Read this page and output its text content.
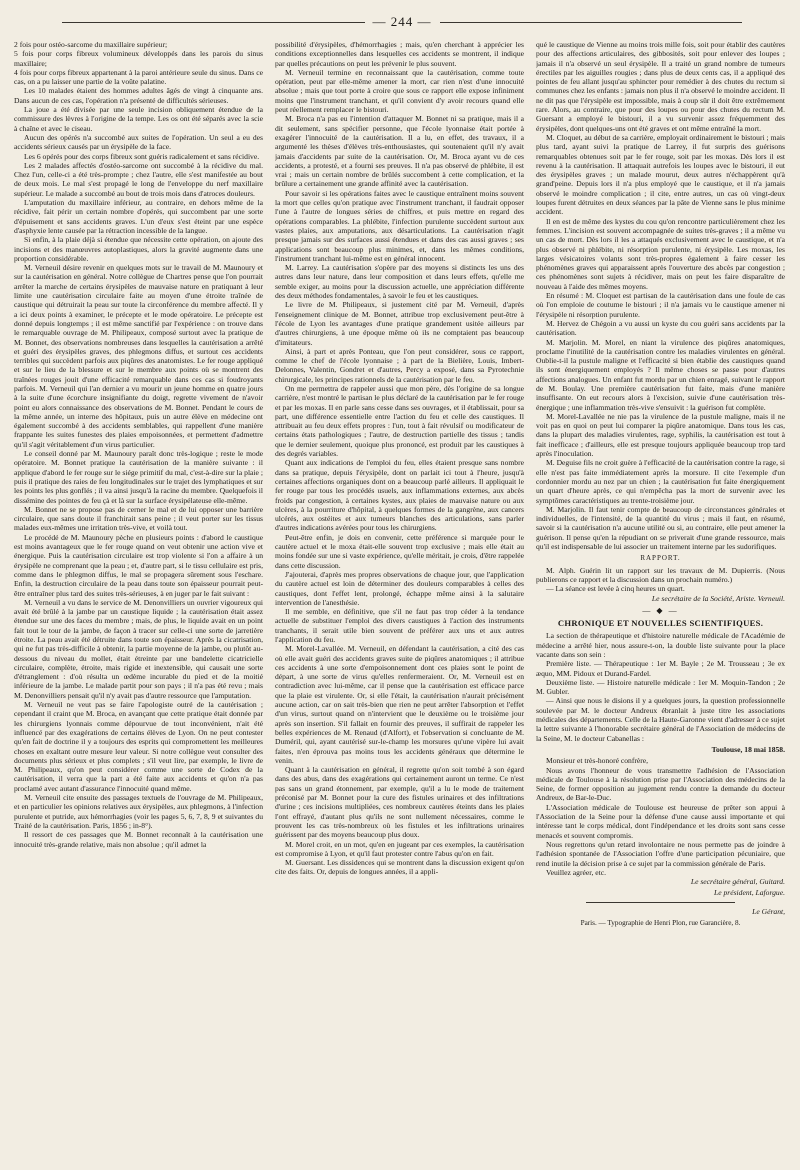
— 244 —

2 fois pour ostéo-sarcome du maxillaire supérieur;

5 fois pour corps fibreux volumineux développés dans les parois du sinus maxillaire;

4 fois pour corps fibreux appartenant à la paroi antérieure seule du sinus. Dans ce cas, on a pu laisser une partie de la voûte palatine.

Les 10 malades étaient des hommes adultes âgés de vingt à cinquante ans. Dans aucun de ces cas, l'opération n'a présenté de difficultés sérieuses.

La joue a été divisée par une seule incision obliquement étendue de la commissure des lèvres à l'origine de la tempe. Les os ont été séparés avec la scie à chaîne et avec le ciseau.

Aucun des opérés n'a succombé aux suites de l'opération. Un seul a eu des accidents sérieux causés par un érysipèle de la face.

Les 6 opérés pour des corps fibreux sont guéris radicalement et sans récidive.

Les 2 malades affectés d'ostéo-sarcome ont succombé à la récidive du mal. Chez l'un, celle-ci a été très-prompte ; chez l'autre, elle s'est manifestée au bout de deux mois. Le mal s'est propagé le long de l'enveloppe du nerf maxillaire supérieur. Le malade a succombé au bout de trois mois dans d'atroces douleurs.

L'amputation du maxillaire inférieur, au contraire, en dehors même de la récidive, fait périr un certain nombre d'opérés, qui succombent par une sorte d'épuisement et sans accidents graves. L'un d'eux s'est éteint par une espèce d'asphyxie lente causée par la rétraction incessible de la langue.

Si enfin, à la plaie déjà si étendue que nécessite cette opération, on ajoute des incisions et des manœuvres autoplastiques, alors la gravité augmente dans une proportion considérable.

M. Verneuil désire revenir en quelques mots sur le travail de M. Maunoury et sur la cautérisation en général. Notre collègue de Chartres pense que l'on pourrait arrêter la marche de certains érysipèles de mauvaise nature en pratiquant à leur limite une cautérisation circulaire faite au moyen d'une étroite traînée de caustique qui détruirait la peau sur toute la circonférence du membre affecté. Il y a ici deux points à examiner, le précepte et le mode opératoire. Le précepte est donné depuis longtemps ; il est même sanctifié par l'expérience : on trouve dans le remarquable ouvrage de M. Philipeaux, composé surtout avec la pratique de M. Bonnet, des observations nombreuses dans lesquelles la cautérisation a arrêté et guéri des érysipèles graves, des phlegmons diffus, et surtout ces accidents terribles qui succèdent parfois aux piqûres des anatomistes. Le fer rouge appliqué et sur le lieu de la blessure et sur le membre aux points où se montrent des traînées rouges jouit d'une efficacité remarquable dans ces cas si foudroyants parfois. M. Verneuil qui l'an dernier a vu mourir un jeune homme en quatre jours à la suite d'une écorchure insignifiante du doigt, regrette vivement de n'avoir point eu alors connaissance des observations de M. Bonnet. Pendant le cours de la même année, un interne des hôpitaux, puis un autre élève en médecine ont également succombé à des accidents semblables, qui rappellent d'une manière frappante les suites funestes des plaies empoisonnées, et permettent d'admettre qu'il s'agit véritablement d'un virus particulier.

Le conseil donné par M. Maunoury paraît donc très-logique ; reste le mode opératoire. M. Bonnet pratique la cautérisation de la manière suivante : il applique d'abord le fer rouge sur le siége primitif du mal, c'est-à-dire sur la plaie ; puis il pratique des raies de feu longitudinales sur le trajet des lymphatiques et sur les points les plus gonflés ; il va ainsi jusqu'à la racine du membre. Quelquefois il dissémine des pointes de feu çà et là sur la surface érysipélateuse elle-même.

M. Bonnet ne se propose pas de cerner le mal et de lui opposer une barrière circulaire, que sans doute il franchirait sans peine ; il veut porter sur les tissus malades eux-mêmes une irritation très-vive, et voilà tout.

Le procédé de M. Maunoury pèche en plusieurs points : d'abord le caustique est moins avantageux que le fer rouge quand on veut obtenir une action vive et énergique. Puis la cautérisation circulaire est trop violente si l'on a affaire à un érysipèle ne comprenant que la peau ; et, d'autre part, si le tissu cellulaire est pris, comme dans le phlegmon diffus, le mal se propagera sûrement sous l'eschare. Enfin, la destruction circulaire de la peau dans toute son épaisseur pourrait peut-être entraîner plus tard des suites très-sérieuses, à en juger par le fait suivant :

M. Verneuil a vu dans le service de M. Denonvilliers un ouvrier vigoureux qui avait été brûlé à la jambe par un caustique liquide ; la cautérisation était assez étendue sur une des faces du membre ; mais, de plus, le liquide avait en un point fait tout le tour de la jambe, de façon à tracer sur celle-ci une sorte de jarretière étroite. La peau avait été détruite dans toute son épaisseur. Après la cicatrisation, qui ne fut pas très-difficile à obtenir, la partie moyenne de la jambe, ou plutôt au-dessous du niveau du mollet, était étreinte par une bandelette cicatricielle circulaire, complète, étroite, mais rigide et inextensible, qui causait une sorte d'étranglement : d'où résulta un œdème incurable du pied et de la moitié inférieure de la jambe. Le malade partit pour son pays ; il n'a pas été revu ; mais M. Denonvilliers pensait qu'il n'y avait pas d'autre ressource que l'amputation.

M. Verneuil ne veut pas se faire l'apologiste outré de la cautérisation ; cependant il craint que M. Broca, en avançant que cette pratique était donnée par les chirurgiens lyonnais comme dépourvue de tout inconvénient, n'ait été influencé par des exagérations de certains élèves de Lyon. On ne peut contester qu'en fait de doctrine il y a toujours des esprits qui compromettent les meilleures choses en exaltant outre mesure leur valeur. Si notre collègue veut consulter des documents plus sérieux et plus complets ; s'il veut lire, par exemple, le livre de M. Philipeaux, qu'on peut considérer comme une sorte de Codex de la cautérisation, il verra que la part a été faite aux accidents et qu'on n'a pas proclamé avec autant d'assurance l'innocuité quand même.

M. Verneuil cite ensuite des passages textuels de l'ouvrage de M. Philipeaux, et en particulier les opinions relatives aux érysipèles, aux phlegmons, à l'infection purulente et putride, aux hémorrhagies (voir les pages 5, 6, 7, 8, 9 et suivantes du Traité de la cautérisation. Paris, 1856 ; in-8°).

Il ressort de ces passages que M. Bonnet reconnaît à la cautérisation une innocuité très-grande relative, mais non absolue ; qu'il admet la

possibilité d'érysipèles, d'hémorrhagies ; mais, qu'en cherchant à apprécier les conditions exceptionnelles dans lesquelles ces accidents se montrent, il indique par quelles précautions on peut les prévenir le plus souvent.

M. Verneuil termine en reconnaissant que la cautérisation, comme toute opération, peut par elle-même amener la mort, car rien n'est d'une innocuité absolue ; mais que tout porte à croire que sous ce rapport elle expose infiniment moins que l'instrument tranchant, et qu'il convient d'y avoir recours quand elle peut réellement remplacer le bistouri.

M. Broca n'a pas eu l'intention d'attaquer M. Bonnet ni sa pratique, mais il a dit seulement, sans spécifier personne, que l'école lyonnaise était portée à exagérer l'innocuité de la cautérisation. Il a lu, en effet, des travaux, il a argumenté les thèses d'élèves très-enthousiastes, qui soutenaient qu'il n'y avait jamais d'accidents par suite de la cautérisation. Or, M. Broca ayant vu de ces accidents, a protesté, et a fourni ses preuves. Il n'a pas observé de phlébite, il est vrai ; mais un certain nombre de brûlés succombent à cette complication, et la brûlure a certainement une grande affinité avec la cautérisation.

Pour savoir si les opérations faites avec le caustique entraînent moins souvent la mort que celles qu'on pratique avec l'instrument tranchant, il faudrait opposer l'une à l'autre de longues séries de chiffres, et puis mettre en regard des opérations comparables. La phlébite, l'infection purulente succèdent surtout aux vastes plaies, aux amputations, aux désarticulations. La cautérisation n'agit presque jamais sur des surfaces aussi étendues et dans des cas aussi graves ; ses applications sont beaucoup plus minimes, et, dans les mêmes conditions, l'instrument tranchant lui-même est en général innocent.

M. Larrey. La cautérisation s'opère par des moyens si distincts les uns des autres dans leur nature, dans leur composition et dans leurs effets, qu'elle me semble exiger, au moins pour la discussion actuelle, une appréciation différente des deux méthodes fondamentales, à savoir le feu et les caustiques.

Le livre de M. Philipeaux, si justement cité par M. Verneuil, d'après l'enseignement clinique de M. Bonnet, attribue trop exclusivement peut-être à l'école de Lyon les avantages d'une pratique grandement usitée ailleurs par d'autres chirurgiens, à une époque même où ils ne comptaient pas beaucoup d'imitateurs.

Ainsi, à part et après Ponteau, que l'on peut considérer, sous ce rapport, comme le chef de l'école lyonnaise ; à part de la Bielière, Louis, Imbert-Delonnes, Valentin, Gondret et d'autres, Percy a exposé, dans sa Pyrotechnie chirurgicale, les principes rationnels de la cautérisation par le feu.

On me permettra de rappeler aussi que mon père, dès l'origine de sa longue carrière, n'est montré le partisan le plus déclaré de la cautérisation par le fer rouge et par les moxas. Il en parle sans cesse dans ses ouvrages, et il établissait, pour sa part, une différence essentielle entre l'action du feu et celle des caustiques. Il attribuait au feu deux effets propres : l'un, tout à fait révulsif ou modificateur de certains états pathologiques ; l'autre, de destruction partielle des tissus ; tandis que le dernier seulement, quoique plus prononcé, est produit par les caustiques à des degrés variables.

Quant aux indications de l'emploi du feu, elles étaient presque sans nombre dans sa pratique, depuis l'érysipèle, dont on parlait ici tout à l'heure, jusqu'à certaines affections organiques dont on a beaucoup parlé ailleurs. Il appliquait le fer rouge par tous les procédés usuels, aux inflammations externes, aux abcès froids par congestion, à certaines kystes, aux plaies de mauvaise nature ou aux ulcères, à la pourriture d'hôpital, à quelques formes de la gangrène, aux cancers ulcérés, aux ostéites et aux tumeurs blanches des articulations, sans parler d'autres indications avérées pour tous les chirurgiens.

Peut-être enfin, je dois en convenir, cette préférence si marquée pour le cautère actuel et le moxa était-elle souvent trop exclusive ; mais elle était au moins fondée sur une si vaste expérience, qu'elle méritait, je crois, d'être rappelée dans cette discussion.

J'ajouterai, d'après mes propres observations de chaque jour, que l'application du cautère actuel est loin de déterminer des douleurs comparables à celles des caustiques, dont l'effet lent, prolongé, échappe même ainsi à la salutaire intervention de l'anesthésie.

Il me semble, en définitive, que s'il ne faut pas trop céder à la tendance actuelle de substituer l'emploi des divers caustiques à l'action des instruments tranchants, il serait utile bien souvent de préférer aux uns et aux autres l'application du feu.

M. Morel-Lavallée. M. Verneuil, en défendant la cautérisation, a cité des cas où elle avait guéri des accidents graves suite de piqûres anatomiques ; il attribue ces accidents à une sorte d'empoisonnement dont ces plaies sont le point de départ, à une sorte de virus qu'elles renfermeraient. Or, M. Verneuil est en contradiction avec lui-même, car il pense que la cautérisation est efficace parce que la plaie est virulente. Or, si elle l'était, la cautérisation n'aurait précisément aucune action, car on sait très-bien que rien ne peut arrêter l'absorption et l'effet d'un virus, surtout quand on n'intervient que le deuxième ou le troisième jour après son insertion. S'il fallait en fournir des preuves, il suffirait de rappeler les belles expériences de M. Renaud (d'Alfort), et l'observation si concluante de M. Duméril, qui, ayant cautérisé sur-le-champ les morsures qu'une vipère lui avait faites, n'en éprouva pas moins tous les accidents généraux que détermine le venin.

Quant à la cautérisation en général, il regrette qu'on soit tombé à son égard dans des abus, dans des exagérations qui certainement auront un terme. Ce n'est pas sans un grand étonnement, par exemple, qu'il a lu le mode de traitement préconisé par M. Bonnet pour la cure des fistules urinaires et des infiltrations d'urine ; ces incisions multipliées, ces nombreux cautères éteints dans les plaies l'ont effrayé, d'autant plus qu'ils ne sont nullement nécessaires, comme le prouvent les cas très-nombreux où les fistules et les infiltrations urinaires guérissent par des moyens beaucoup plus doux.

M. Morel croit, en un mot, qu'en en jugeant par ces exemples, la cautérisation est compromise à Lyon, et qu'il faut protester contre l'abus qu'on en fait.

M. Guersant. Les dissidences qui se montrent dans la discussion exigent qu'on cite des faits. Or, depuis de longues années, il a appli-

qué le caustique de Vienne au moins trois mille fois, soit pour établir des cautères pour des affections articulaires, des gibbosités, soit pour enlever des loupes ; jamais il n'a observé un seul érysipèle. Il a traité un grand nombre de tumeurs érectiles par les aiguilles rougies ; dans plus de deux cents cas, il a appliqué des pointes de feu allant jusqu'au sphincter pour remédier à des chutes du rectum si communes chez les enfants : jamais non plus il n'a observé le moindre accident. Il ne dit pas que l'érysipèle est impossible, mais à coup sûr il doit être extrêmement rare. Alors, au contraire, que pour des loupes ou pour des chutes du rectum M. Guersant a employé le bistouri, il a vu survenir assez fréquemment des érysipèles, dont quelques-uns ont été graves et ont même entraîné la mort.

M. Cloquet, au début de sa carrière, employait ordinairement le bistouri ; mais plus tard, ayant suivi la pratique de Larrey, il fut surpris des guérisons remarquables obtenues soit par le fer rouge, soit par les moxas. Dès lors il est revenu à la cautérisation. Il attaquait autrefois les loupes avec le bistouri, il eut des érysipèles graves ; un malade mourut, deux autres n'échappèrent qu'à grand'peine. Depuis lors il n'a plus employé que le caustique, et il n'a jamais observé le moindre complication ; il cite, entre autres, un cas où vingt-deux loupes furent détruites en deux séances par la pâte de Vienne sans le plus minime accident.

Il en est de même des kystes du cou qu'on rencontre particulièrement chez les femmes. L'incision est souvent accompagnée de suites très-graves ; il a même vu un cas de mort. Dès lors il les a attaqués exclusivement avec le caustique, et n'a plus observé ni phlébite, ni résorption purulente, ni érysipèle. Les moxas, les larges vésicatoires volants sont très-propres également à faire cesser les phénomènes graves qui apparaissent après l'ouverture des abcès par congestion ; ces phénomènes sont sujets à récidiver, mais on peut les faire disparaître de nouveau à l'aide des mêmes moyens.

En résumé : M. Cloquet est partisan de la cautérisation dans une foule de cas où l'on emploie de coutume le bistouri ; il n'a jamais vu le caustique amener ni l'érysipèle ni résorption purulente.

M. Hervez de Chégoin a vu aussi un kyste du cou guéri sans accidents par la cautérisation.

M. Marjolin. M. Morel, en niant la virulence des piqûres anatomiques, proclame l'inutilité de la cautérisation contre les maladies virulentes en général. Oublie-t-il la pustule maligne et l'efficacité si bien établie des caustiques quand ils sont énergiquement employés ? Il même choses se passe pour d'autres affections analogues. Un enfant fut mordu par un chien enragé, suivant le rapport de M. Boulay. Une première cautérisation fut faite, mais d'une manière insuffisante. On eut recours alors à l'excision, suivie d'une cautérisation très-énergique ; une inflammation très-vive s'ensuivit : la guérison fut complète.

M. Morel-Lavallée ne nie pas la virulence de la pustule maligne, mais il ne voit pas en quoi on peut lui comparer la piqûre anatomique. Dans tous les cas, dans la plupart des maladies virulentes, rage, syphilis, la cautérisation est tout à fait inefficace ; d'ailleurs, elle est presque toujours appliquée beaucoup trop tard après l'inoculation.

M. Deguise fils ne croit guère à l'efficacité de la cautérisation contre la rage, si elle n'est pas faite immédiatement après la morsure. Il cite l'exemple d'un cordonnier mordu au nez par un chien ; la cautérisation fut faite énergiquement un quart d'heure après, ce qui n'empêcha pas la mort de survenir avec les symptômes caractéristiques au trente-troisième jour.

M. Marjolin. Il faut tenir compte de beaucoup de circonstances générales et individuelles, de l'intensité, de la quantité du virus ; mais il faut, en résumé, savoir si la cautérisation n'a aucune utilité ou si, au contraire, elle peut amener la guérison. Il pense qu'en la répudiant on se priverait d'une grande ressource, mais qu'il est indispensable de lui associer un traitement interne par les sudorifiques.

RAPPORT.

M. Alph. Guérin lit un rapport sur les travaux de M. Dupierris. (Nous publierons ce rapport et la discussion dans un prochain numéro.)

— La séance est levée à cinq heures un quart.

Le secrétaire de la Société, Ariste. Verneuil.

— ◆ —

CHRONIQUE ET NOUVELLES SCIENTIFIQUES.

La section de thérapeutique et d'histoire naturelle médicale de l'Académie de médecine a arrêté hier, nous assure-t-on, la double liste suivante pour la place vacante dans son sein :

Première liste. — Thérapeutique : 1er M. Bayle ; 2e M. Trousseau ; 3e ex æquo, MM. Pidoux et Durand-Fardel.

Deuxième liste. — Histoire naturelle médicale : 1er M. Moquin-Tandon ; 2e M. Gubler.

— Ainsi que nous le disions il y a quelques jours, la question professionnelle soulevée par M. le docteur Andreux ébranlait à juste titre les associations médicales des départements. Celle de la Haute-Garonne vient d'adresser à ce sujet la lettre suivante à l'honorable secrétaire général de l'Association de médecins de la Seine, M. le docteur Cabanellas :

Toulouse, 18 mai 1858.

Monsieur et très-honoré confrère,

Nous avons l'honneur de vous transmettre l'adhésion de l'Association médicale de Toulouse à la résolution prise par l'Association des médecins de la Seine, de former opposition au jugement rendu contre la demande du docteur Andreux, de Bar-le-Duc.

L'Association médicale de Toulouse est heureuse de prêter son appui à l'Association de la Seine pour la défense d'une cause aussi importante et qui intéresse tant le corps médical, dont l'indépendance et les droits sont sans cesse menacés et souvent compromis.

Nous regrettons qu'un retard involontaire ne nous permette pas de joindre à l'adhésion spontanée de l'Association l'offre d'une participation pécuniaire, que rend inutile la décision prise à ce sujet par la commission générale de Paris.

Veuillez agréer, etc.

Le secrétaire général, Guitard.

Le président, Laforgue.

Le Gérant,

Paris. — Typographie de Henri Plon, rue Garancière, 8.
